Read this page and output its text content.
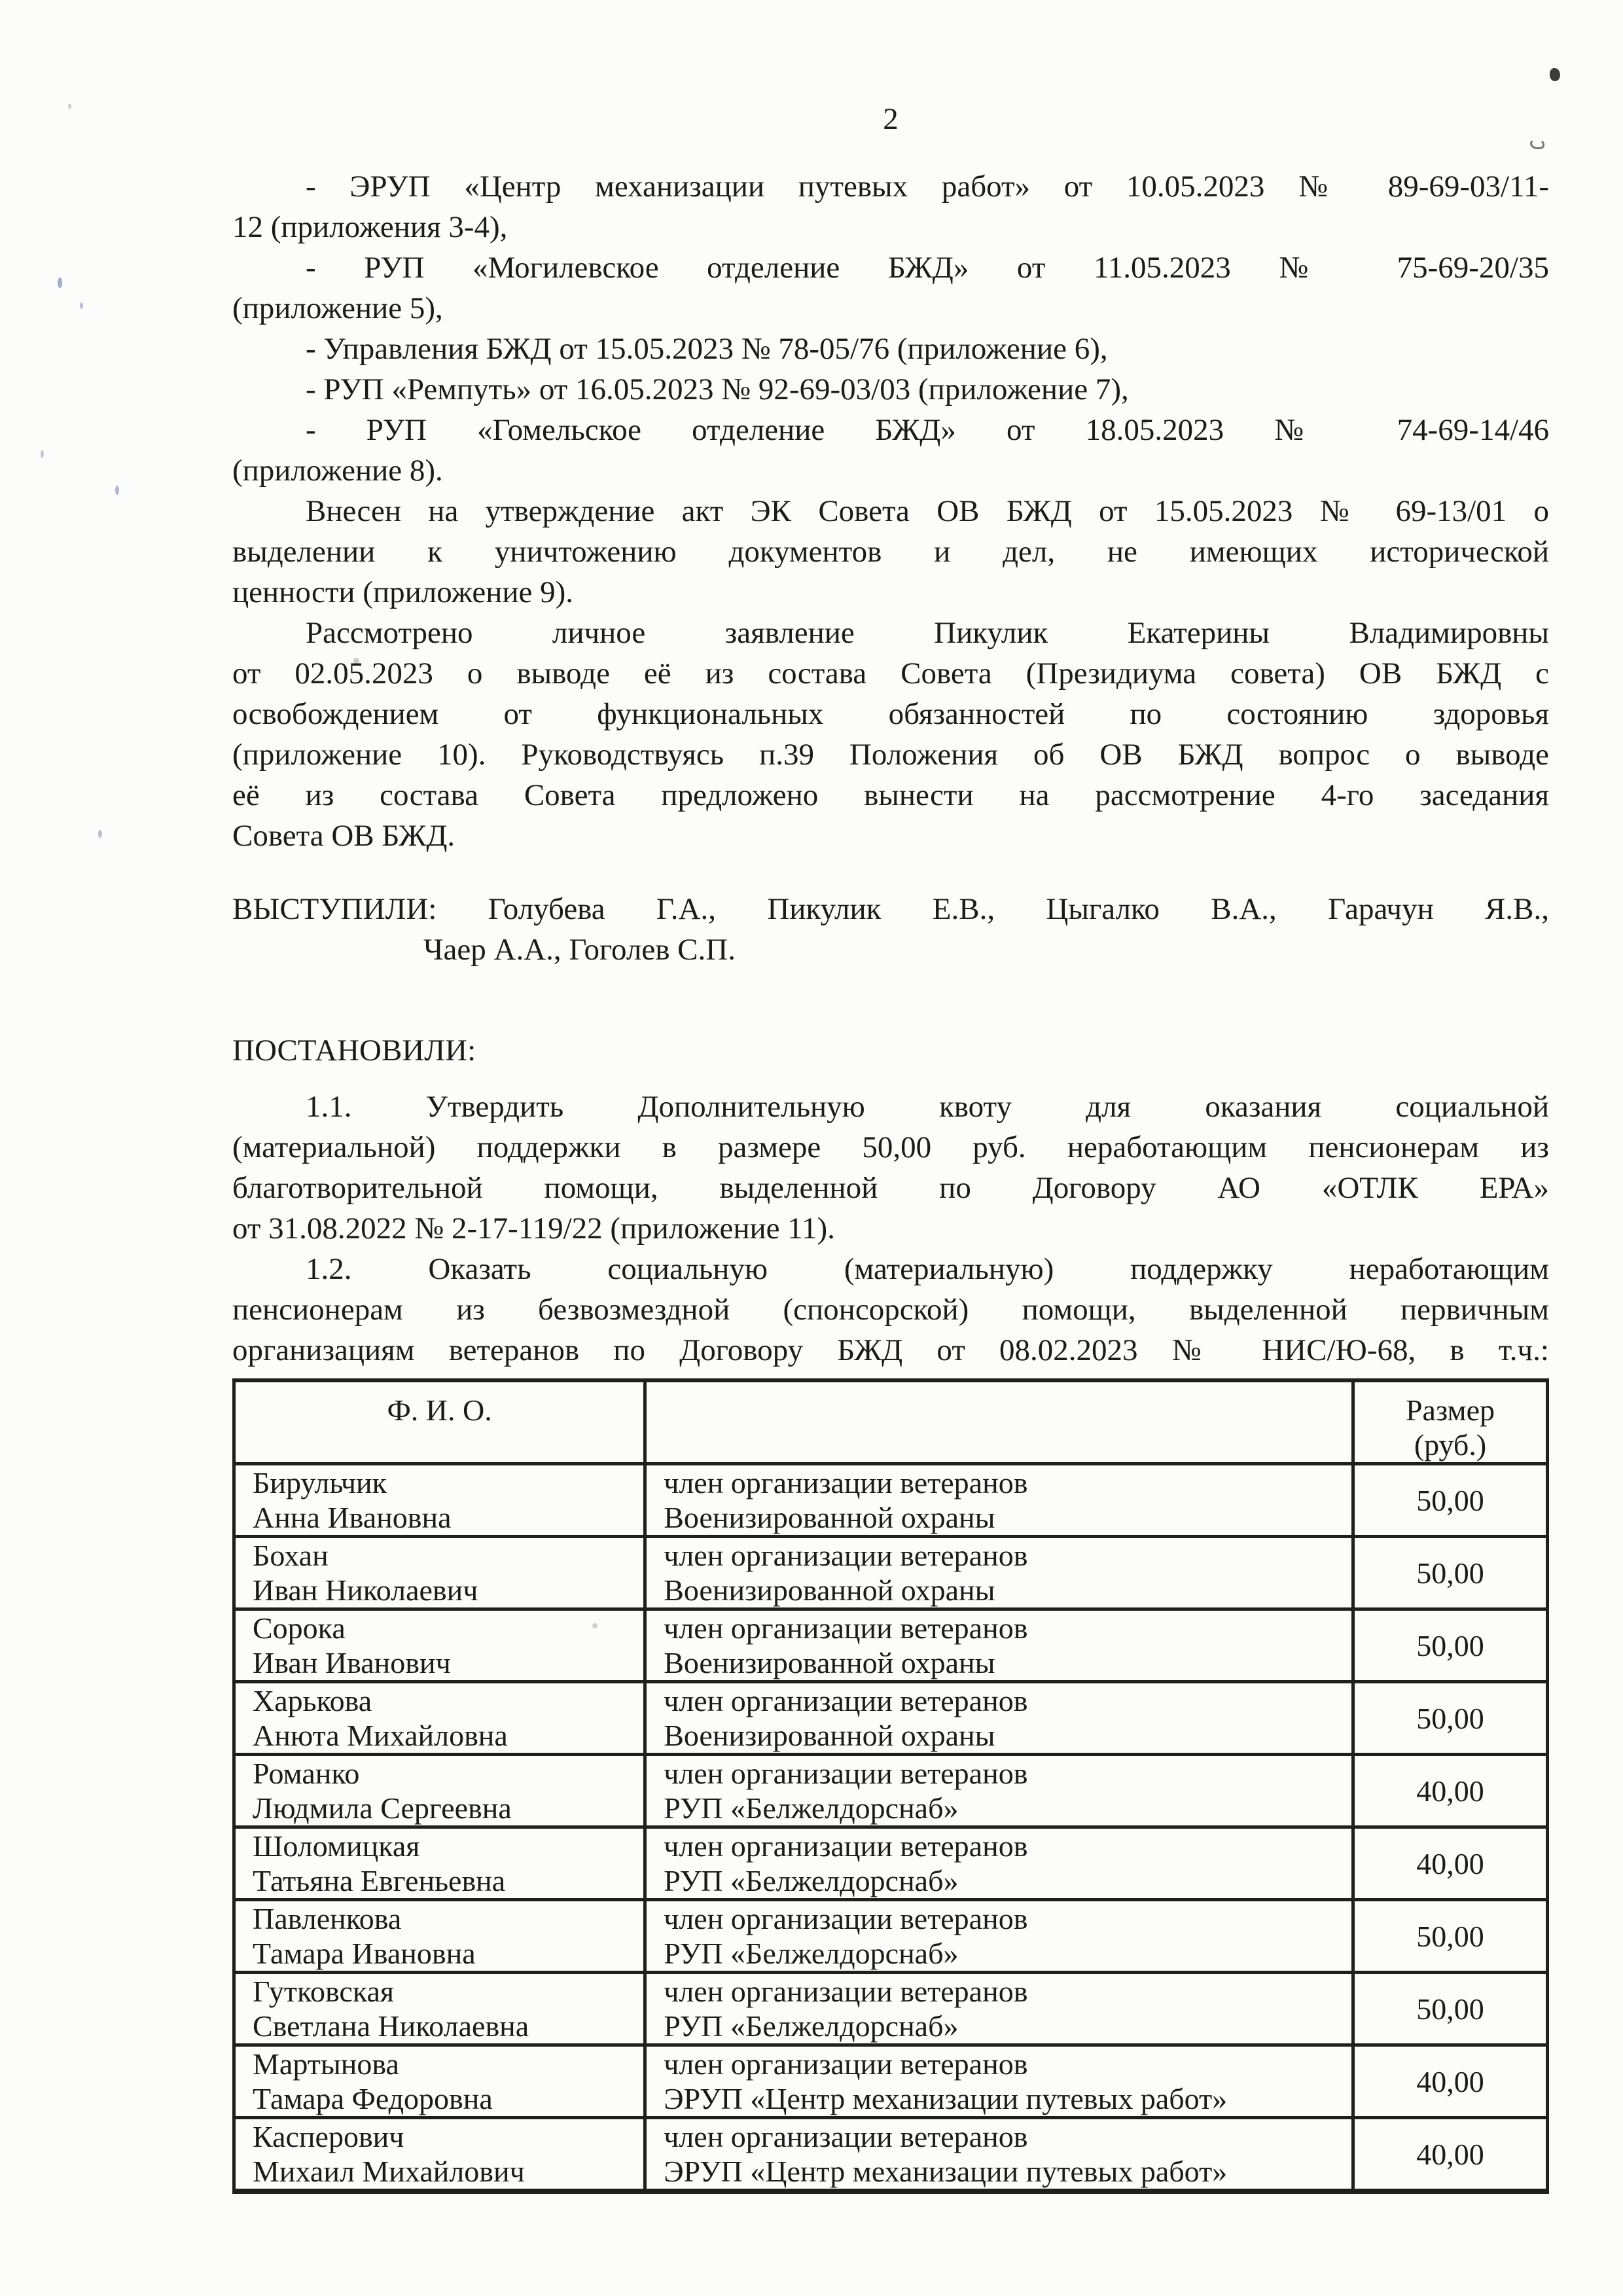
2
- ЭРУП «Центр механизации путевых работ» от 10.05.2023 № 89-69-03/11-
12 (приложения 3-4),
- РУП «Могилевское отделение БЖД» от 11.05.2023 № 75-69-20/35
(приложение 5),
- Управления БЖД от 15.05.2023 № 78-05/76 (приложение 6),
- РУП «Ремпуть» от 16.05.2023 № 92-69-03/03 (приложение 7),
- РУП «Гомельское отделение БЖД» от 18.05.2023 № 74-69-14/46
(приложение 8).
Внесен на утверждение акт ЭК Совета ОВ БЖД от 15.05.2023 № 69-13/01 о
выделении к уничтожению документов и дел, не имеющих исторической
ценности (приложение 9).
Рассмотрено личное заявление Пикулик Екатерины Владимировны
от 02.05.2023 о выводе её из состава Совета (Президиума совета) ОВ БЖД с
освобождением от функциональных обязанностей по состоянию здоровья
(приложение 10). Руководствуясь п.39 Положения об ОВ БЖД вопрос о выводе
её из состава Совета предложено вынести на рассмотрение 4-го заседания
Совета ОВ БЖД.
ВЫСТУПИЛИ: Голубева Г.А., Пикулик Е.В., Цыгалко В.А., Гарачун Я.В.,
Чаер А.А., Гоголев С.П.
ПОСТАНОВИЛИ:
1.1. Утвердить Дополнительную квоту для оказания социальной
(материальной) поддержки в размере 50,00 руб. неработающим пенсионерам из
благотворительной помощи, выделенной по Договору АО «ОТЛК ЕРА»
от 31.08.2022 № 2-17-119/22 (приложение 11).
1.2. Оказать социальную (материальную) поддержку неработающим
пенсионерам из безвозмездной (спонсорской) помощи, выделенной первичным
организациям ветеранов по Договору БЖД от 08.02.2023 № НИС/Ю-68, в т.ч.:
Ф. И. О.		Размер (руб.)

Бирульчик
Анна Ивановна

член организации ветеранов
Военизированной охраны
	50,00

Бохан
Иван Николаевич

член организации ветеранов
Военизированной охраны
	50,00

Сорока
Иван Иванович

член организации ветеранов
Военизированной охраны
	50,00

Харькова
Анюта Михайловна

член организации ветеранов
Военизированной охраны
	50,00

Романко
Людмила Сергеевна

член организации ветеранов
РУП «Белжелдорснаб»
	40,00

Шоломицкая
Татьяна Евгеньевна

член организации ветеранов
РУП «Белжелдорснаб»
	40,00

Павленкова
Тамара Ивановна

член организации ветеранов
РУП «Белжелдорснаб»
	50,00

Гутковская
Светлана Николаевна

член организации ветеранов
РУП «Белжелдорснаб»
	50,00

Мартынова
Тамара Федоровна

член организации ветеранов
ЭРУП «Центр механизации путевых работ»
	40,00

Касперович
Михаил Михайлович

член организации ветеранов
ЭРУП «Центр механизации путевых работ»
	40,00
